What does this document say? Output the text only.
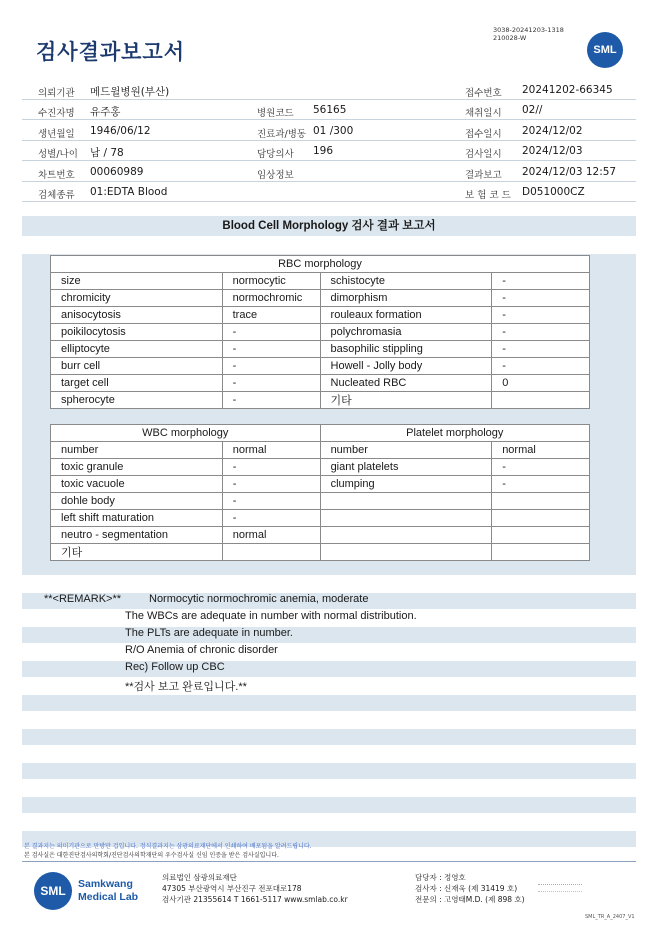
검사결과보고서
3038-20241203-1318
210028-W
SML
의뢰기관 메드윌병원(부산)	접수번호 20241202-66345
수진자명 유주홍	병원코드 56165	채취일시 02//
생년월일 1946/06/12	진료과/병동 01 /300	접수일시 2024/12/02
성별/나이 남 / 78	담당의사 196	검사일시 2024/12/03
차트번호 00060989	임상정보	결과보고 2024/12/03 12:57
검체종류 01:EDTA Blood	보 험 코 드 D051000CZ
Blood Cell Morphology 검사 결과 보고서
RBC morphology			
size	normocytic	schistocyte	-
chromicity	normochromic	dimorphism	-
anisocytosis	trace	rouleaux formation	-
poikilocytosis	-	polychromasia	-
elliptocyte	-	basophilic stippling	-
burr cell	-	Howell - Jolly body	-
target cell	-	Nucleated RBC	0
spherocyte	-	기타	
WBC morphology		Platelet morphology	
number	normal	number	normal
toxic granule	-	giant platelets	-
toxic vacuole	-	clumping	-
dohle body	-		
left shift maturation	-		
neutro - segmentation	normal		
기타			
**<REMARK>**	Normocytic normochromic anemia, moderate
The WBCs are adequate in number with normal distribution.
The PLTs are adequate in number.
R/O Anemia of chronic disorder
Rec) Follow up CBC
**검사 보고 완료입니다.**
본 결과지는 의미기관으로 만방만 겁입니다. 정식결과지는 삼광의료재단에서 인쇄하여 배포됨을 알려드립니다.
본 검사실은 대한진단검사의학회/진단검사의학재단의 우수검사실 신임 인증을 받은 검사실입니다.
SML	Samkwang
Medical Lab
의료법인 삼광의료재단
47305 부산광역시 부산진구 전포대로178
검사기관 21355614 T 1661-5117 www.smlab.co.kr
담당자 : 정영호
검사자 : 신재욱 (제 31419 호)
전문의 : 고영태M.D. (제 898 호)
SML_TR_A_2407_V1
